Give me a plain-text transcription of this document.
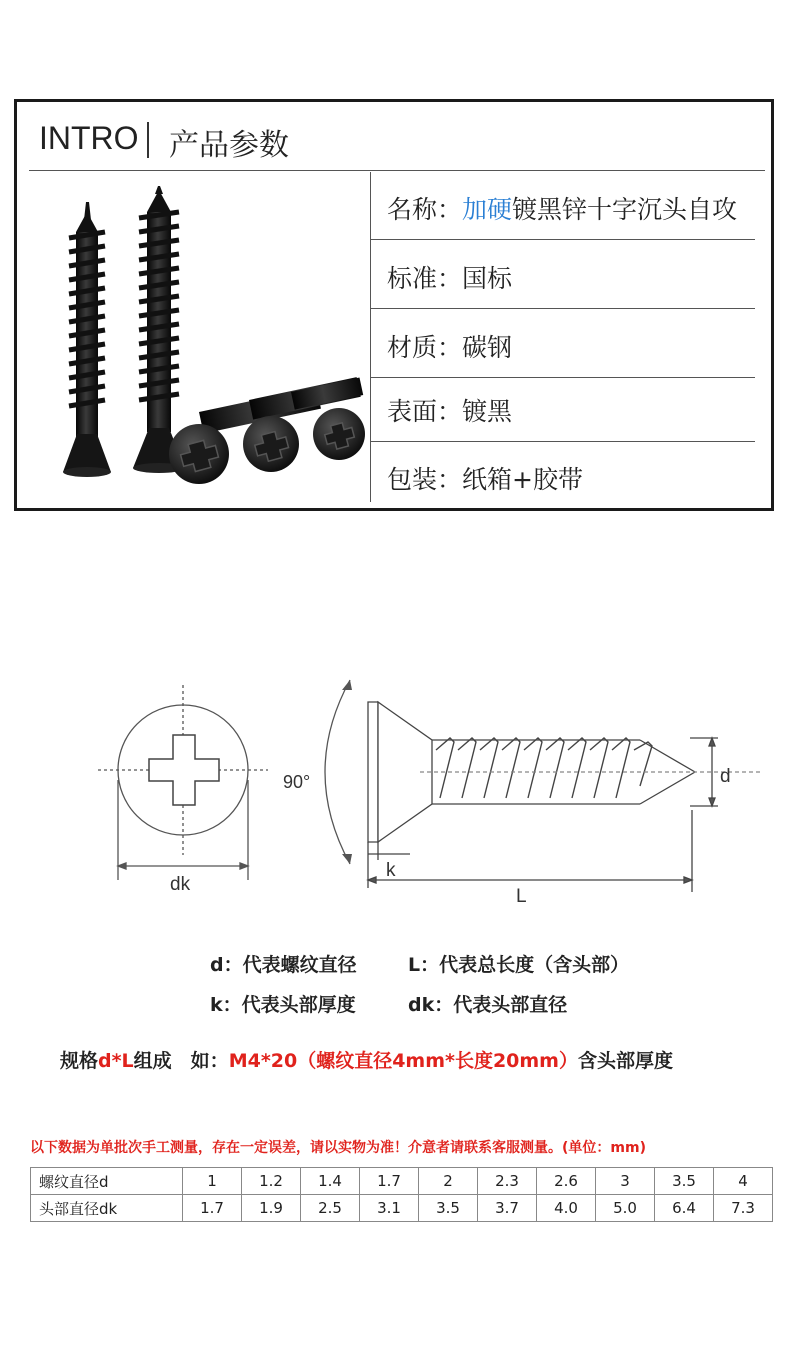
INTRO 产品参数
名称：加硬镀黑锌十字沉头自攻
标准：国标
材质：碳钢
表面：镀黑
包装：纸箱+胶带
dk
90°	d
k
L
d：代表螺纹直径	L：代表总长度（含头部）
k：代表头部厚度	dk：代表头部直径
规格d*L组成　如：M4*20（螺纹直径4mm*长度20mm）含头部厚度
以下数据为单批次手工测量，存在一定误差，请以实物为准！介意者请联系客服测量。(单位：mm)
螺纹直径d	1	1.2	1.4	1.7	2	2.3	2.6	3	3.5	4
头部直径dk	1.7	1.9	2.5	3.1	3.5	3.7	4.0	5.0	6.4	7.3
